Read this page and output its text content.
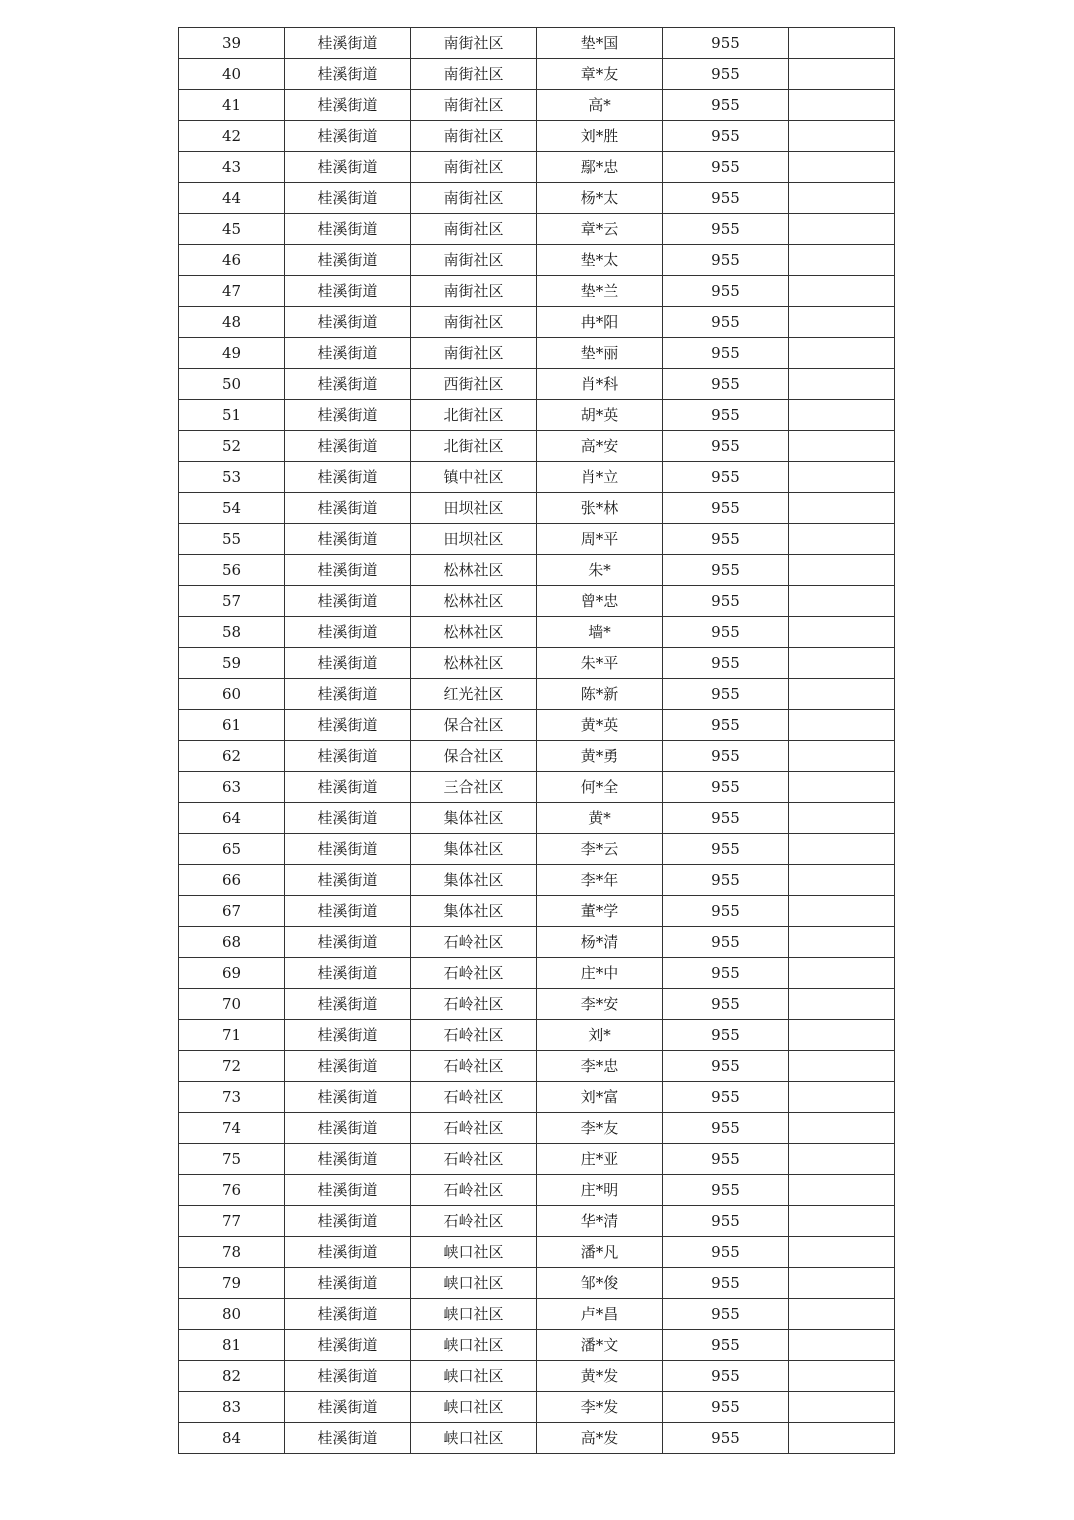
39	桂溪街道	南街社区	垫*国	955	
40	桂溪街道	南街社区	章*友	955	
41	桂溪街道	南街社区	高*	955	
42	桂溪街道	南街社区	刘*胜	955	
43	桂溪街道	南街社区	鄢*忠	955	
44	桂溪街道	南街社区	杨*太	955	
45	桂溪街道	南街社区	章*云	955	
46	桂溪街道	南街社区	垫*太	955	
47	桂溪街道	南街社区	垫*兰	955	
48	桂溪街道	南街社区	冉*阳	955	
49	桂溪街道	南街社区	垫*丽	955	
50	桂溪街道	西街社区	肖*科	955	
51	桂溪街道	北街社区	胡*英	955	
52	桂溪街道	北街社区	高*安	955	
53	桂溪街道	镇中社区	肖*立	955	
54	桂溪街道	田坝社区	张*林	955	
55	桂溪街道	田坝社区	周*平	955	
56	桂溪街道	松林社区	朱*	955	
57	桂溪街道	松林社区	曾*忠	955	
58	桂溪街道	松林社区	墙*	955	
59	桂溪街道	松林社区	朱*平	955	
60	桂溪街道	红光社区	陈*新	955	
61	桂溪街道	保合社区	黄*英	955	
62	桂溪街道	保合社区	黄*勇	955	
63	桂溪街道	三合社区	何*全	955	
64	桂溪街道	集体社区	黄*	955	
65	桂溪街道	集体社区	李*云	955	
66	桂溪街道	集体社区	李*年	955	
67	桂溪街道	集体社区	董*学	955	
68	桂溪街道	石岭社区	杨*清	955	
69	桂溪街道	石岭社区	庄*中	955	
70	桂溪街道	石岭社区	李*安	955	
71	桂溪街道	石岭社区	刘*	955	
72	桂溪街道	石岭社区	李*忠	955	
73	桂溪街道	石岭社区	刘*富	955	
74	桂溪街道	石岭社区	李*友	955	
75	桂溪街道	石岭社区	庄*亚	955	
76	桂溪街道	石岭社区	庄*明	955	
77	桂溪街道	石岭社区	华*清	955	
78	桂溪街道	峡口社区	潘*凡	955	
79	桂溪街道	峡口社区	邹*俊	955	
80	桂溪街道	峡口社区	卢*昌	955	
81	桂溪街道	峡口社区	潘*文	955	
82	桂溪街道	峡口社区	黄*发	955	
83	桂溪街道	峡口社区	李*发	955	
84	桂溪街道	峡口社区	高*发	955	
